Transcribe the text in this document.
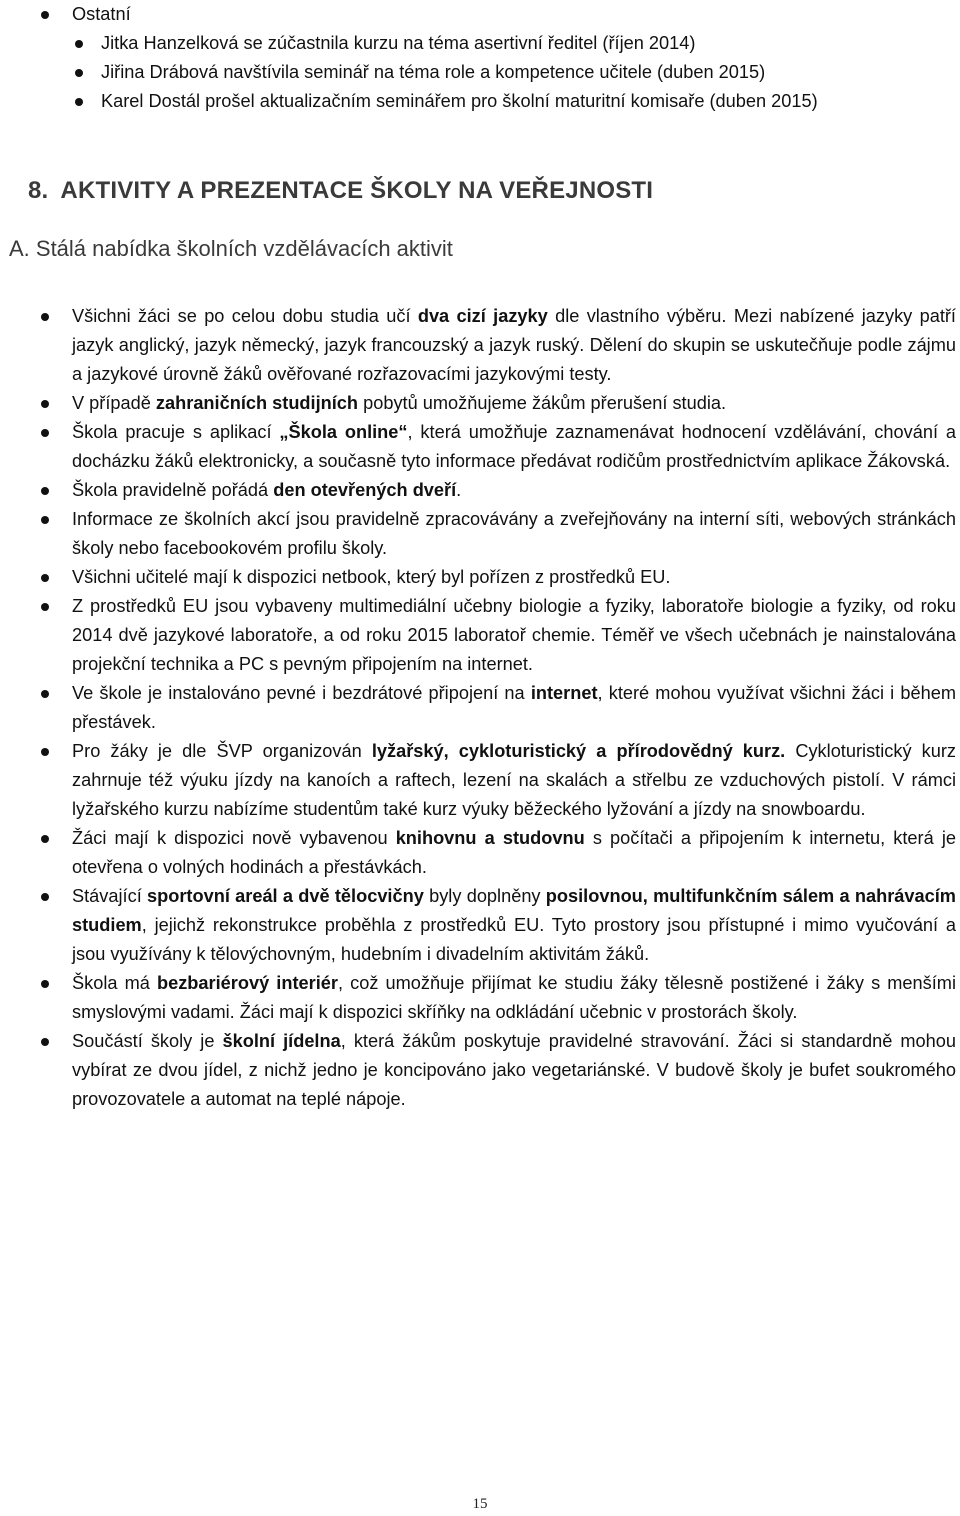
Ostatní
Jitka Hanzelková se zúčastnila kurzu na téma asertivní ředitel (říjen 2014)
Jiřina Drábová navštívila seminář na téma role a kompetence učitele (duben 2015)
Karel Dostál prošel aktualizačním seminářem pro školní maturitní komisaře (duben 2015)
8. AKTIVITY A PREZENTACE ŠKOLY NA VEŘEJNOSTI
A. Stálá nabídka školních vzdělávacích aktivit
Všichni žáci se po celou dobu studia učí dva cizí jazyky dle vlastního výběru. Mezi nabízené jazyky patří jazyk anglický, jazyk německý, jazyk francouzský a jazyk ruský. Dělení do skupin se uskutečňuje podle zájmu a jazykové úrovně žáků ověřované rozřazovacími jazykovými testy.
V případě zahraničních studijních pobytů umožňujeme žákům přerušení studia.
Škola pracuje s aplikací „Škola online“, která umožňuje zaznamenávat hodnocení vzdělávání, chování a docházku žáků elektronicky, a současně tyto informace předávat rodičům prostřednictvím aplikace Žákovská.
Škola pravidelně pořádá den otevřených dveří.
Informace ze školních akcí jsou pravidelně zpracovávány a zveřejňovány na interní síti, webových stránkách školy nebo facebookovém profilu školy.
Všichni učitelé mají k dispozici netbook, který byl pořízen z prostředků EU.
Z prostředků EU jsou vybaveny multimediální učebny biologie a fyziky, laboratoře biologie a fyziky, od roku 2014 dvě jazykové laboratoře, a od roku 2015 laboratoř chemie. Téměř ve všech učebnách je nainstalována projekční technika a PC s pevným připojením na internet.
Ve škole je instalováno pevné i bezdrátové připojení na internet, které mohou využívat všichni žáci i během přestávek.
Pro žáky je dle ŠVP organizován lyžařský, cykloturistický a přírodovědný kurz. Cykloturistický kurz zahrnuje též výuku jízdy na kanoích a raftech, lezení na skalách a střelbu ze vzduchových pistolí. V rámci lyžařského kurzu nabízíme studentům také kurz výuky běžeckého lyžování a jízdy na snowboardu.
Žáci mají k dispozici nově vybavenou knihovnu a studovnu s počítači a připojením k internetu, která je otevřena o volných hodinách a přestávkách.
Stávající sportovní areál a dvě tělocvičny byly doplněny posilovnou, multifunkčním sálem a nahrávacím studiem, jejichž rekonstrukce proběhla z prostředků EU. Tyto prostory jsou přístupné i mimo vyučování a jsou využívány k tělovýchovným, hudebním i divadelním aktivitám žáků.
Škola má bezbariérový interiér, což umožňuje přijímat ke studiu žáky tělesně postižené i žáky s menšími smyslovými vadami. Žáci mají k dispozici skříňky na odkládání učebnic v prostorách školy.
Součástí školy je školní jídelna, která žákům poskytuje pravidelné stravování. Žáci si standardně mohou vybírat ze dvou jídel, z nichž jedno je koncipováno jako vegetariánské. V budově školy je bufet soukromého provozovatele a automat na teplé nápoje.
15
